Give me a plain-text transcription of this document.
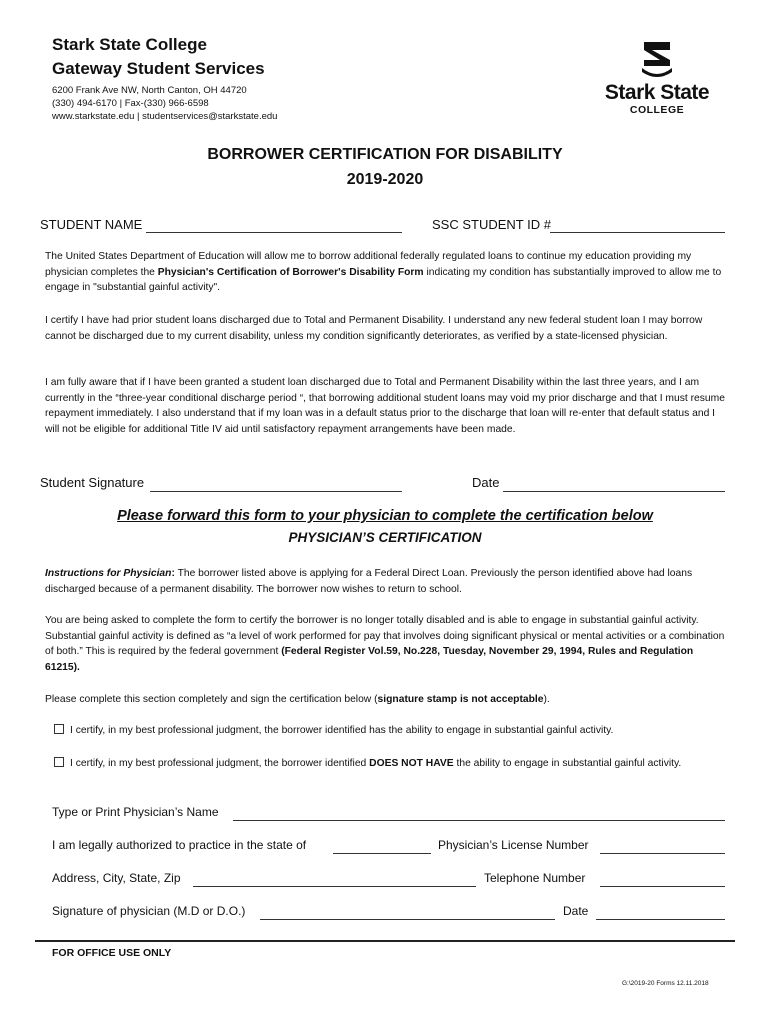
Stark State College
Gateway Student Services
6200 Frank Ave NW, North Canton, OH 44720
(330) 494-6170 | Fax-(330) 966-6598
www.starkstate.edu | studentservices@starkstate.edu
Stark State
COLLEGE
BORROWER CERTIFICATION FOR DISABILITY
2019-2020
STUDENT NAME	SSC STUDENT ID #
The United States Department of Education will allow me to borrow additional federally regulated loans to continue my education providing my physician completes the Physician's Certification of Borrower's Disability Form indicating my condition has substantially improved to allow me to engage in "substantial gainful activity".
I certify I have had prior student loans discharged due to Total and Permanent Disability. I understand any new federal student loan I may borrow cannot be discharged due to my current disability, unless my condition significantly deteriorates, as verified by a state-licensed physician.
I am fully aware that if I have been granted a student loan discharged due to Total and Permanent Disability within the last three years, and I am currently in the “three-year conditional discharge period “, that borrowing additional student loans may void my prior discharge and that I must resume repayment immediately. I also understand that if my loan was in a default status prior to the discharge that loan will re-enter that default status and I will not be eligible for additional Title IV aid until satisfactory repayment arrangements have been made.
Student Signature	Date
Please forward this form to your physician to complete the certification below
PHYSICIAN’S CERTIFICATION
Instructions for Physician: The borrower listed above is applying for a Federal Direct Loan. Previously the person identified above had loans discharged because of a permanent disability. The borrower now wishes to return to school.
You are being asked to complete the form to certify the borrower is no longer totally disabled and is able to engage in substantial gainful activity. Substantial gainful activity is defined as “a level of work performed for pay that involves doing significant physical or mental activities or a combination of both.” This is required by the federal government (Federal Register Vol.59, No.228, Tuesday, November 29, 1994, Rules and Regulation 61215).
Please complete this section completely and sign the certification below (signature stamp is not acceptable).
I certify, in my best professional judgment, the borrower identified has the ability to engage in substantial gainful activity.
I certify, in my best professional judgment, the borrower identified DOES NOT HAVE the ability to engage in substantial gainful activity.
Type or Print Physician’s Name
I am legally authorized to practice in the state of	Physician’s License Number
Address, City, State, Zip	Telephone Number
Signature of physician (M.D or D.O.)	Date
FOR OFFICE USE ONLY
G:\2019-20 Forms 12.11.2018
